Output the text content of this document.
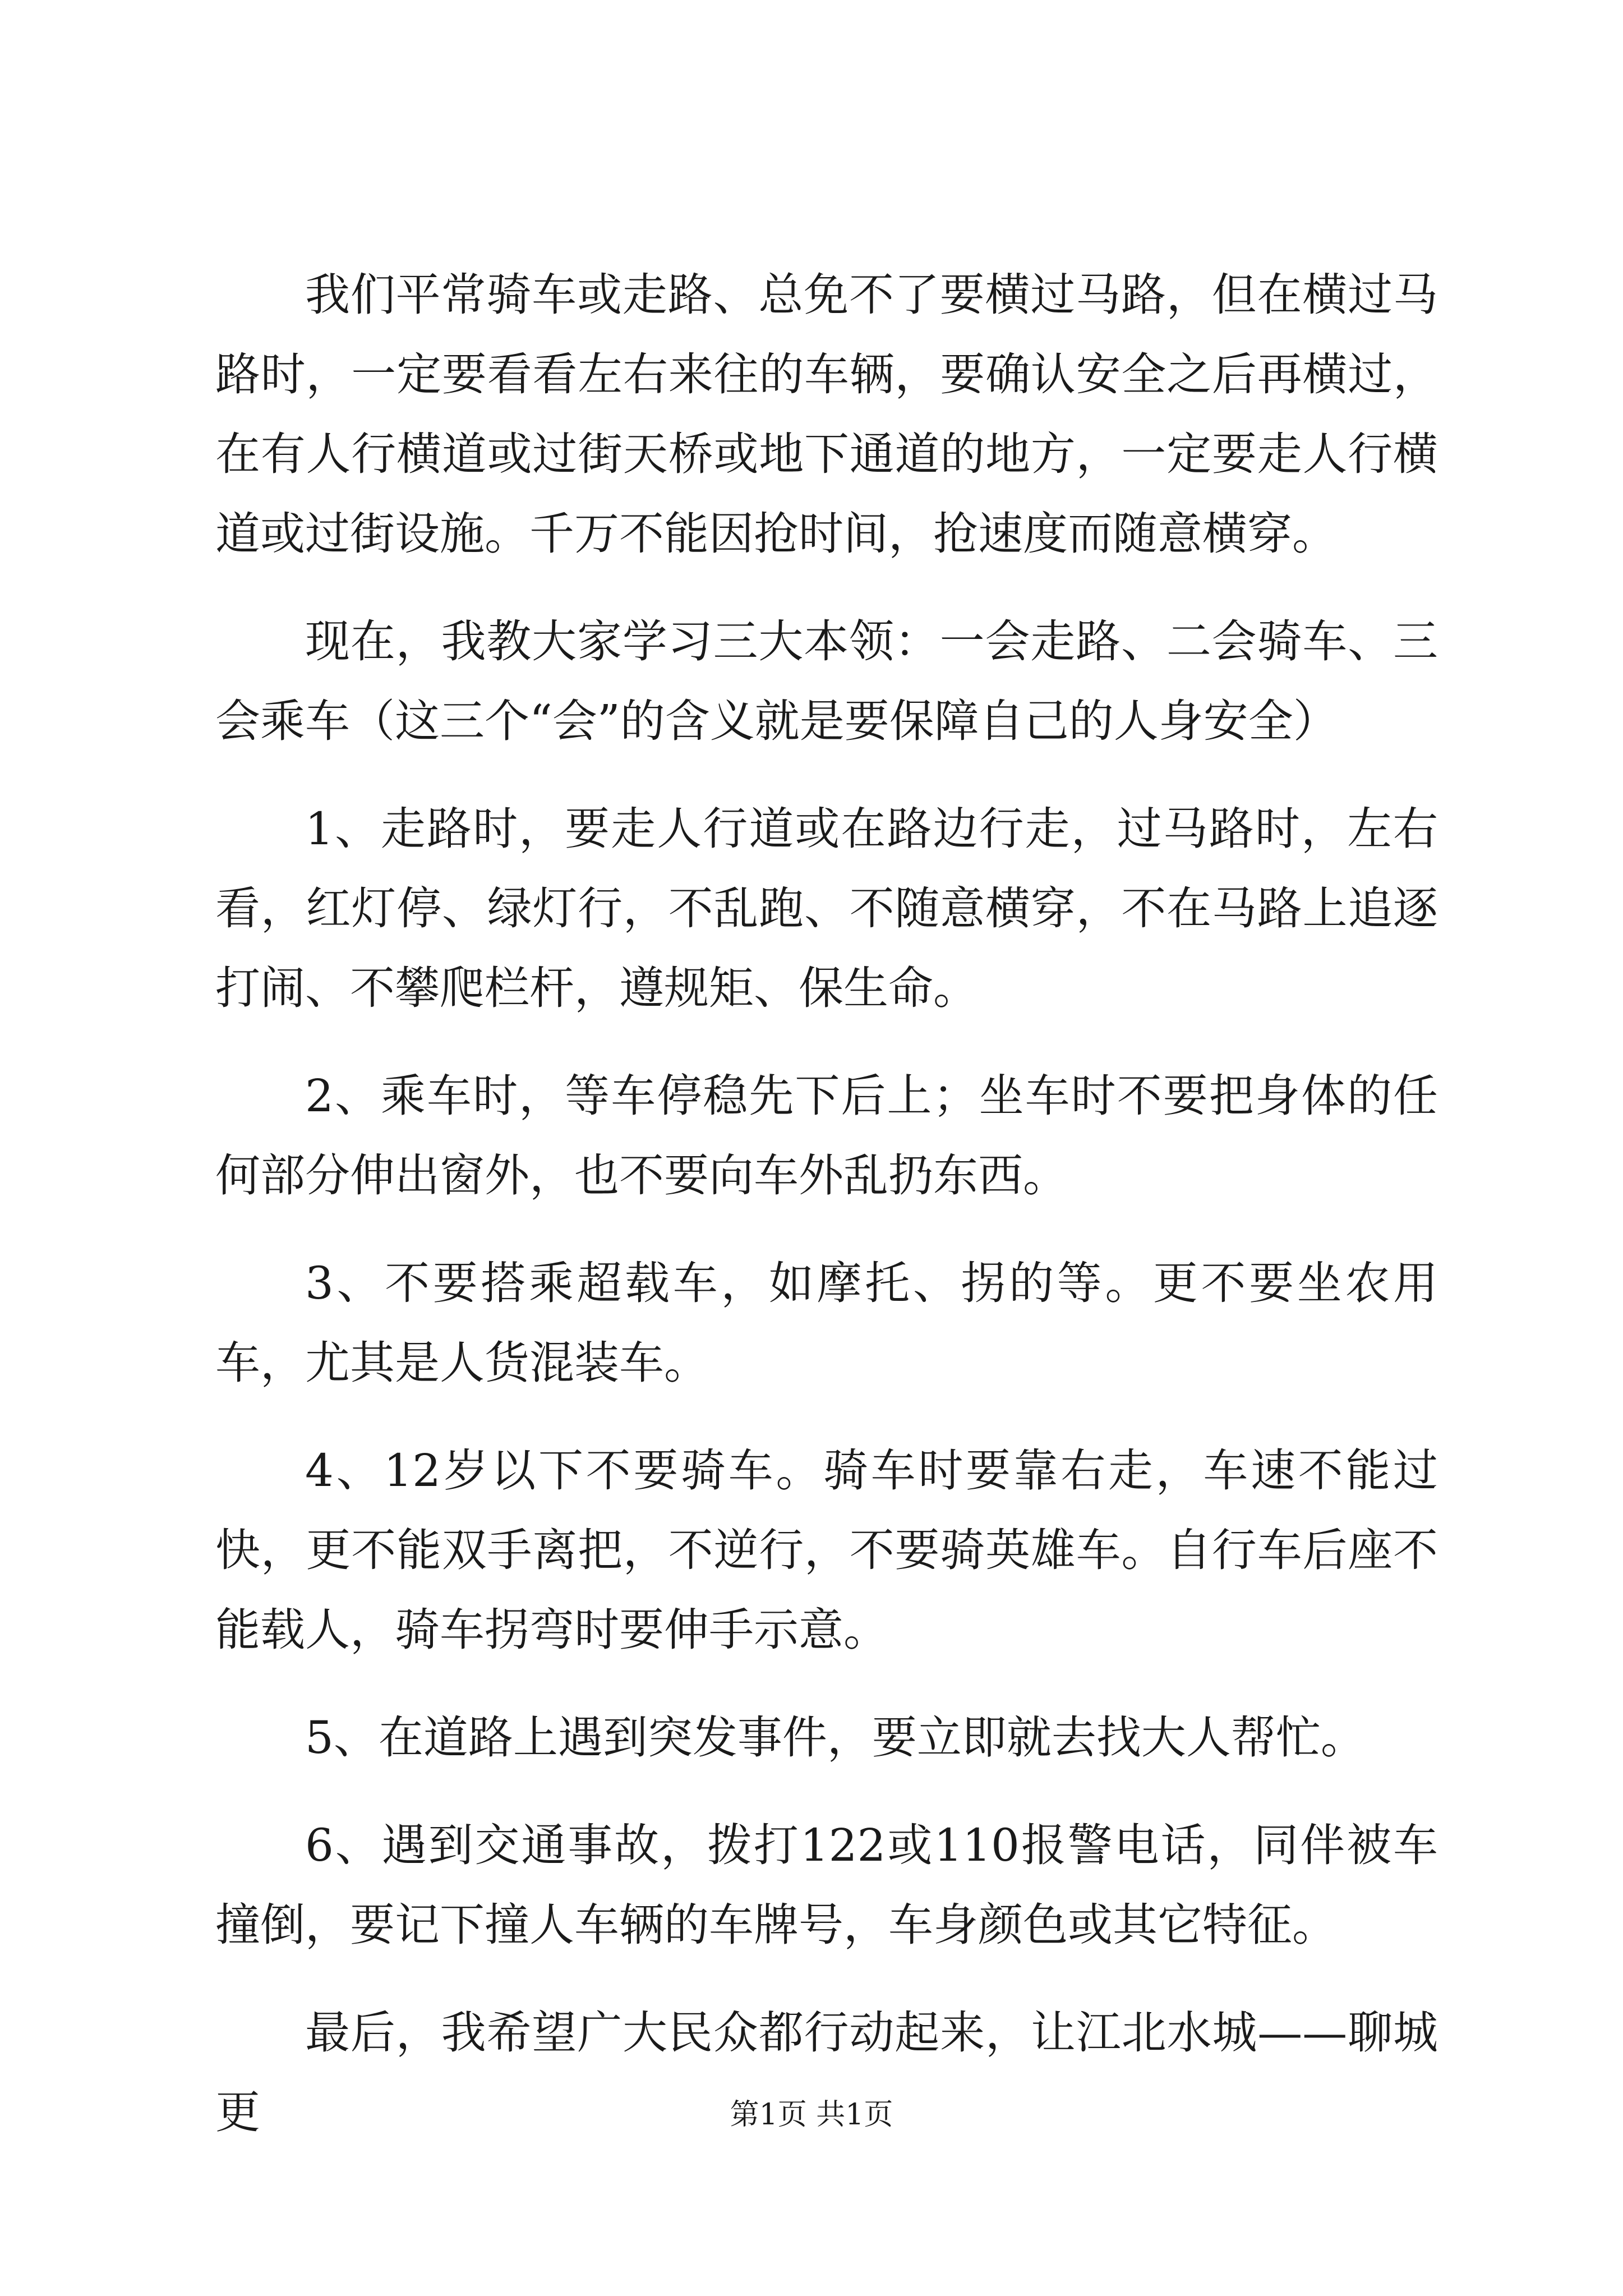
我们平常骑车或走路、总免不了要横过马路，但在横过马路时，一定要看看左右来往的车辆，要确认安全之后再横过，在有人行横道或过街天桥或地下通道的地方，一定要走人行横道或过街设施。千万不能因抢时间，抢速度而随意横穿。

现在，我教大家学习三大本领：一会走路、二会骑车、三会乘车（这三个“会”的含义就是要保障自己的人身安全）

1、走路时，要走人行道或在路边行走，过马路时，左右看，红灯停、绿灯行，不乱跑、不随意横穿，不在马路上追逐打闹、不攀爬栏杆，遵规矩、保生命。

2、乘车时，等车停稳先下后上；坐车时不要把身体的任何部分伸出窗外，也不要向车外乱扔东西。

3、不要搭乘超载车，如摩托、拐的等。更不要坐农用车，尤其是人货混装车。

4、12岁以下不要骑车。骑车时要靠右走，车速不能过快，更不能双手离把，不逆行，不要骑英雄车。自行车后座不能载人，骑车拐弯时要伸手示意。

5、在道路上遇到突发事件，要立即就去找大人帮忙。

6、遇到交通事故，拨打122或110报警电话，同伴被车撞倒，要记下撞人车辆的车牌号，车身颜色或其它特征。

最后，我希望广大民众都行动起来，让江北水城——聊城更	第1页 共1页
